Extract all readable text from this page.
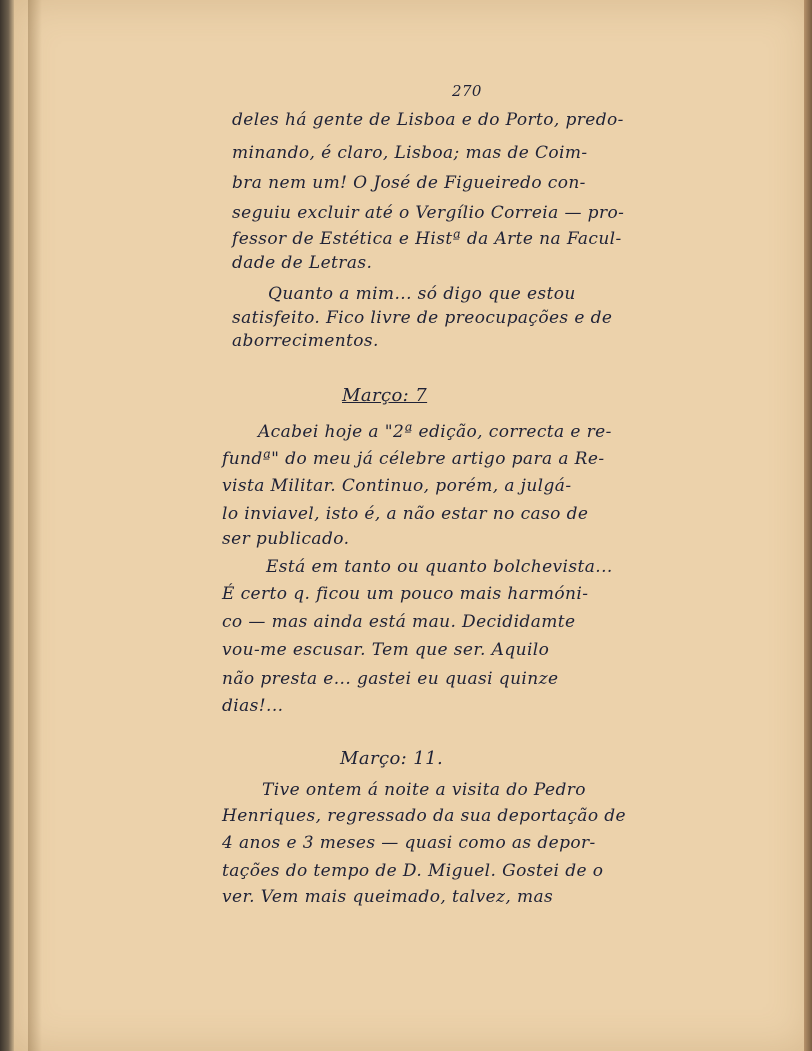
270
deles há gente de Lisboa e do Porto, predo-
minando, é claro, Lisboa; mas de Coim-
bra nem um! O José de Figueiredo con-
seguiu excluir até o Vergílio Correia — pro-
fessor de Estética e Histª da Arte na Facul-
dade de Letras.
Quanto a mim... só digo que estou
satisfeito. Fico livre de preocupações e de
aborrecimentos.
Março: 7
Acabei hoje a "2ª edição, correcta e re-
fundª" do meu já célebre artigo para a Re-
vista Militar. Continuo, porém, a julgá-
lo inviavel, isto é, a não estar no caso de
ser publicado.
Está em tanto ou quanto bolchevista...
É certo q. ficou um pouco mais harmóni-
co — mas ainda está mau. Decididamte
vou-me escusar. Tem que ser. Aquilo
não presta e... gastei eu quasi quinze
dias!...
Março: 11.
Tive ontem á noite a visita do Pedro
Henriques, regressado da sua deportação de
4 anos e 3 meses — quasi como as depor-
tações do tempo de D. Miguel. Gostei de o
ver. Vem mais queimado, talvez, mas
